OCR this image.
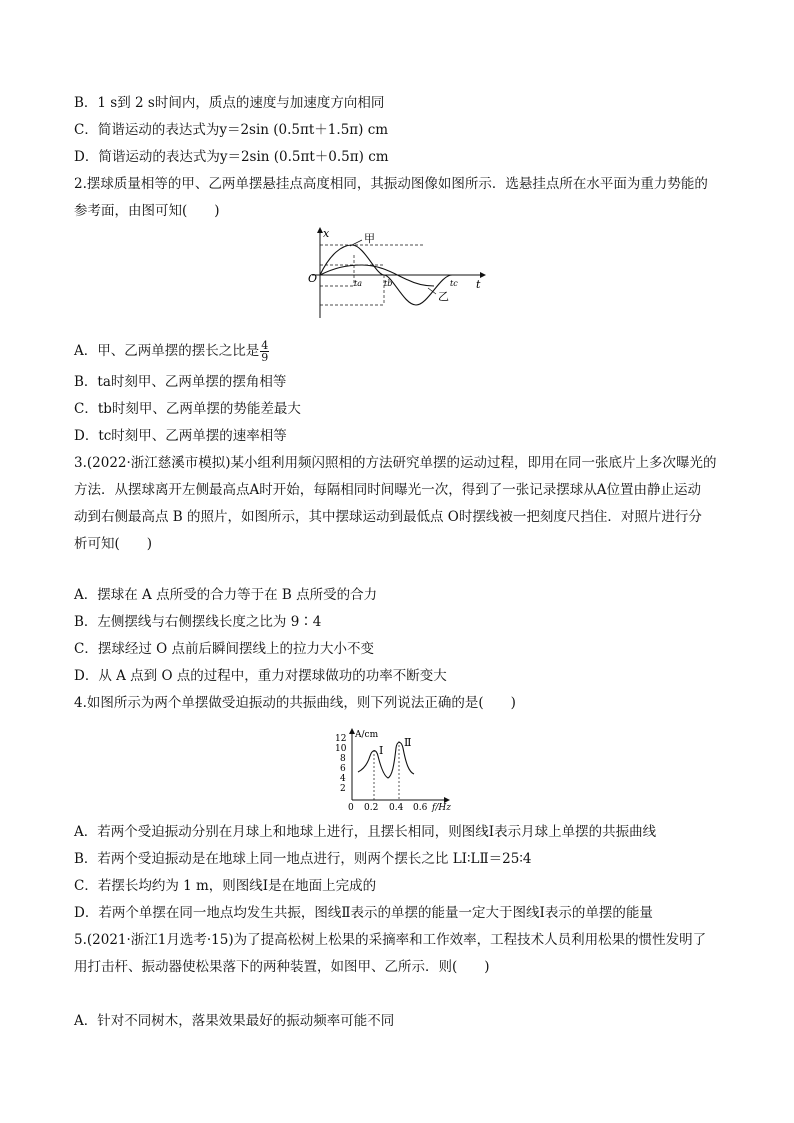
B．1 s到 2 s时间内，质点的速度与加速度方向相同
C．简谐运动的表达式为y＝2sin (0.5πt＋1.5π) cm
D．简谐运动的表达式为y＝2sin (0.5πt＋0.5π) cm
2.摆球质量相等的甲、乙两单摆悬挂点高度相同，其振动图像如图所示．选悬挂点所在水平面为重力势能的
参考面，由图可知(　　)
x
t
O
甲
乙
ta	tb	tc
A．甲、乙两单摆的摆长之比是 $\frac{4}{9}$
B．ta时刻甲、乙两单摆的摆角相等
C．tb时刻甲、乙两单摆的势能差最大
D．tc时刻甲、乙两单摆的速率相等
3.(2022·浙江慈溪市模拟)某小组利用频闪照相的方法研究单摆的运动过程，即用在同一张底片上多次曝光的
方法．从摆球离开左侧最高点A时开始，每隔相同时间曝光一次，得到了一张记录摆球从A位置由静止运动
动到右侧最高点 B 的照片，如图所示，其中摆球运动到最低点 O时摆线被一把刻度尺挡住．对照片进行分
析可知(　　)
A．摆球在 A 点所受的合力等于在 B 点所受的合力
B．左侧摆线与右侧摆线长度之比为 9∶4
C．摆球经过 O 点前后瞬间摆线上的拉力大小不变
D．从 A 点到 O 点的过程中，重力对摆球做功的功率不断变大
4.如图所示为两个单摆做受迫振动的共振曲线，则下列说法正确的是(　　)
12
10
8
6
4
2
A/cm
0 0.2 0.4 0.6 f/Hz
Ⅰ
Ⅱ
A．若两个受迫振动分别在月球上和地球上进行，且摆长相同，则图线Ⅰ表示月球上单摆的共振曲线
B．若两个受迫振动是在地球上同一地点进行，则两个摆长之比 LⅠ∶LⅡ＝25∶4
C．若摆长均约为 1 m，则图线Ⅰ是在地面上完成的
D．若两个单摆在同一地点均发生共振，图线Ⅱ表示的单摆的能量一定大于图线Ⅰ表示的单摆的能量
5.(2021·浙江1月选考·15)为了提高松树上松果的采摘率和工作效率，工程技术人员利用松果的惯性发明了
用打击杆、振动器使松果落下的两种装置，如图甲、乙所示．则(　　)
A．针对不同树木，落果效果最好的振动频率可能不同
